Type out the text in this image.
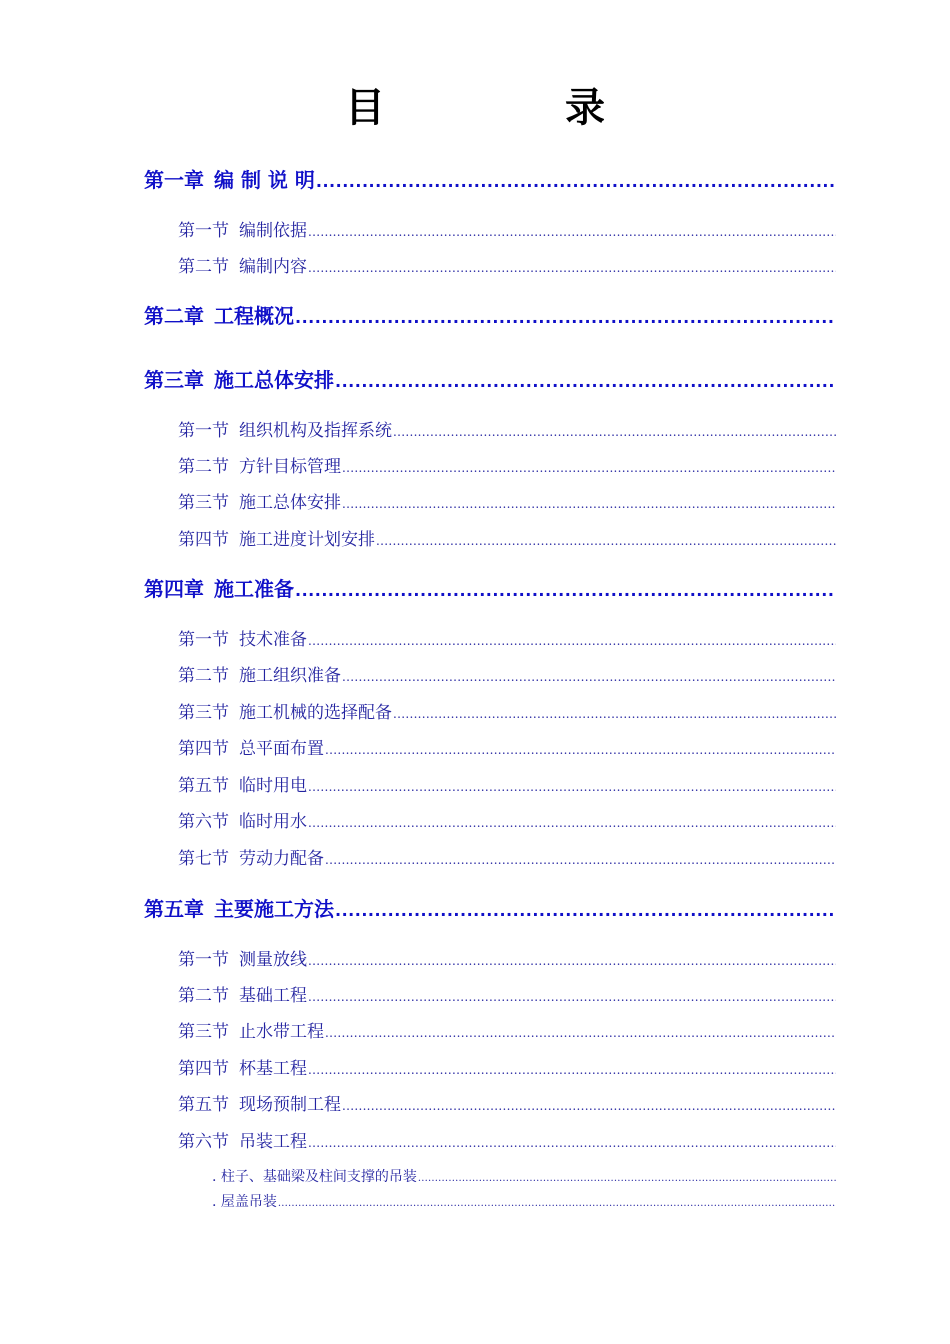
目　录
第一章 编 制 说 明
.....
第一节 编制依据
.....
第二节 编制内容
.....
第二章 工程概况
.....
第三章 施工总体安排
.....
第一节 组织机构及指挥系统
.....
第二节 方针目标管理
.....
第三节 施工总体安排
.....
第四节 施工进度计划安排
.....
第四章 施工准备
.....
第一节 技术准备
.....
第二节 施工组织准备
.....
第三节 施工机械的选择配备
.....
第四节 总平面布置
.....
第五节 临时用电
.....
第六节 临时用水
.....
第七节 劳动力配备
.....
第五章 主要施工方法
.....
第一节 测量放线
.....
第二节 基础工程
.....
第三节 止水带工程
.....
第四节 杯基工程
.....
第五节 现场预制工程
.....
第六节 吊装工程
.....
. 柱子、基础梁及柱间支撑的吊装
.....
. 屋盖吊装
.....
